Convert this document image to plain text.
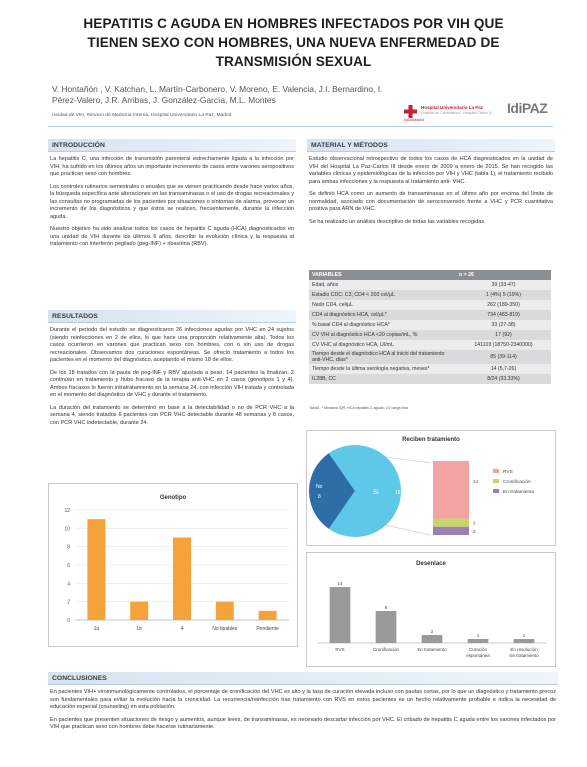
HEPATITIS C AGUDA EN HOMBRES INFECTADOS POR VIH QUE
TIENEN SEXO CON HOMBRES, UNA NUEVA ENFERMEDAD DE
TRANSMISIÓN SEXUAL
V. Hontañón , V. Katchan, L. Martín-Carbonero, V. Moreno, E. Valencia, J.I. Bernardino, I. Pérez-Valero, J.R. Arribas, J. González-García, M.L. Montes
Unidad de VIH, Servicio de Medicina Interna, Hospital Universitario La Paz, Madrid
Hospital Universitario La Paz
Hospital de Cantoblanco · Hospital Carlos III
SaludMadrid
IdiPAZ
INTRODUCCIÓN

La hepatitis C, una infección de transmisión parenteral estrechamente ligada a la infección por VIH, ha sufrido en los últimos años un importante incremento de casos entre varones seropositivos que practican sexo con hombres.

Los controles rutinarios semestrales o anuales que se vienen practicando desde hace varios años, la búsqueda específica ante alteraciones en las transaminasas o el uso de drogas recreacionales y las consultas no programadas de los pacientes por situaciones o síntomas de alarma, provocan un incremento de los diagnósticos y que éstos se realicen, frecuentemente, durante la infección aguda.

Nuestro objetivo ha sido analizar todos los casos de hepatitis C aguda (HCA) diagnosticados en una unidad de VIH durante los últimos 6 años, describir la evolución clínica y la respuesta al tratamiento con interferón pegilado (peg-INF) + ribavirina (RBV).

RESULTADOS

Durante el periodo del estudio se diagnosticaron 26 infecciones agudas por VHC en 24 sujetos (siendo reinfecciones en 2 de ellos, lo que hace una proporción relativamente alta). Todos los casos ocurrieron en varones que practican sexo con hombres, con o sin uso de drogas recreacionales. Observamos dos curaciones espontáneas. Se ofreció tratamiento a todos los pacientes en el momento del diagnóstico, aceptando el mismo 18 de ellos.

De los 18 tratados con la pauta de peg-INF y RBV ajustada a peso, 14 pacientes la finalizan, 2 continúan en tratamiento y hubo fracaso de la terapia anti-VHC en 2 casos (genotipos 1 y 4). Ambos fracasos lo fueron intratratamiento en la semana 24, con infección VIH tratada y controlada en el momento del diagnóstico de VHC y durante el tratamiento.

La duración del tratamiento se determinó en base a la detectabilidad o no de PCR VHC a la semana 4, siendo tratados 6 pacientes con PCR VHC detectable durante 48 semanas y 8 casos, con PCR VHC indetectable, durante 24.

Genotipo
0
2
4
6
8
10
12
1a	1b	4	No tipables	Pendiente
MATERIAL Y MÉTODOS

Estudio observacional retrospectivo de todos los casos de HCA diagnosticados en la unidad de VIH del Hospital La Paz-Carlos III desde enero de 2009 a enero de 2015. Se han recogido las variables clínicas y epidemiológicas de la infección por VIH y VHC (tabla 1), el tratamiento recibido para ambas infecciones y la respuesta al tratamiento anti- VHC.

Se definió HCA como un aumento de transaminasas en el último año por encima del límite de normalidad, asociado con documentación de seroconversión frente a VHC y PCR cuantitativa positiva para ARN de VHC.

Se ha realizado un análisis descriptivo de todas las variables recogidas.

VARIABLES	n = 26
Edad, años	39 (33-47)
Estadio CDC: C3; CD4 < 200 cel/µL	1 (4%) 5 (19%)
Nadir CD4, cel/µL	262 (189-350)
CD4 al diagnóstico HCA, cel/µL*	734 (483-819)
% basal CD4 al diagnóstico HCA*	33 (27-38)
CV VIH al diagnóstico HCA <20 copias/mL, %	17 (92)
CV VHC al diagnóstico HCA, UI/mL	141103 (18750-2340000)
Tiempo desde el diagnóstico HCA al inicio del tratamiento anti-VHC, días*	85 (39-114)
Tiempo desde la última serología negativa, meses*	14 (5,7-26)
IL28B, CC	8/24 (33.33%)
Tabla1. * Mediana IQR, HCA hepatitis C aguda, CV carga viral
Reciben tratamiento
No
8
Sí	18
14
2
2
RVS
Cronificación
En tratamiento
Desenlace
14
RVS
8
Cronificación
2
En tratamiento
1
Curación
espontánea
1
En resolución
sin tratamiento
CONCLUSIONES

En pacientes VIH+ viroinmunológicamente controlados, el porcentaje de cronificación del VHC es alto y la tasa de curación elevada incluso con pautas cortas, por lo que un diagnóstico y tratamiento precoz son fundamentales para evitar la evolución hacia la cronicidad. La recurrencia/reinfección tras tratamiento con RVS en estos pacientes es un hecho relativamente probable e indica la necesidad de educación especial (counseling) en esta población.

En pacientes que presenten situaciones de riesgo y aumentos, aunque leves, de transaminasas, es necesario descartar infección por VHC. El cribado de hepatitis C aguda entre los varones infectados por VIH que practican sexo con hombres debe hacerse rutinariamente.
